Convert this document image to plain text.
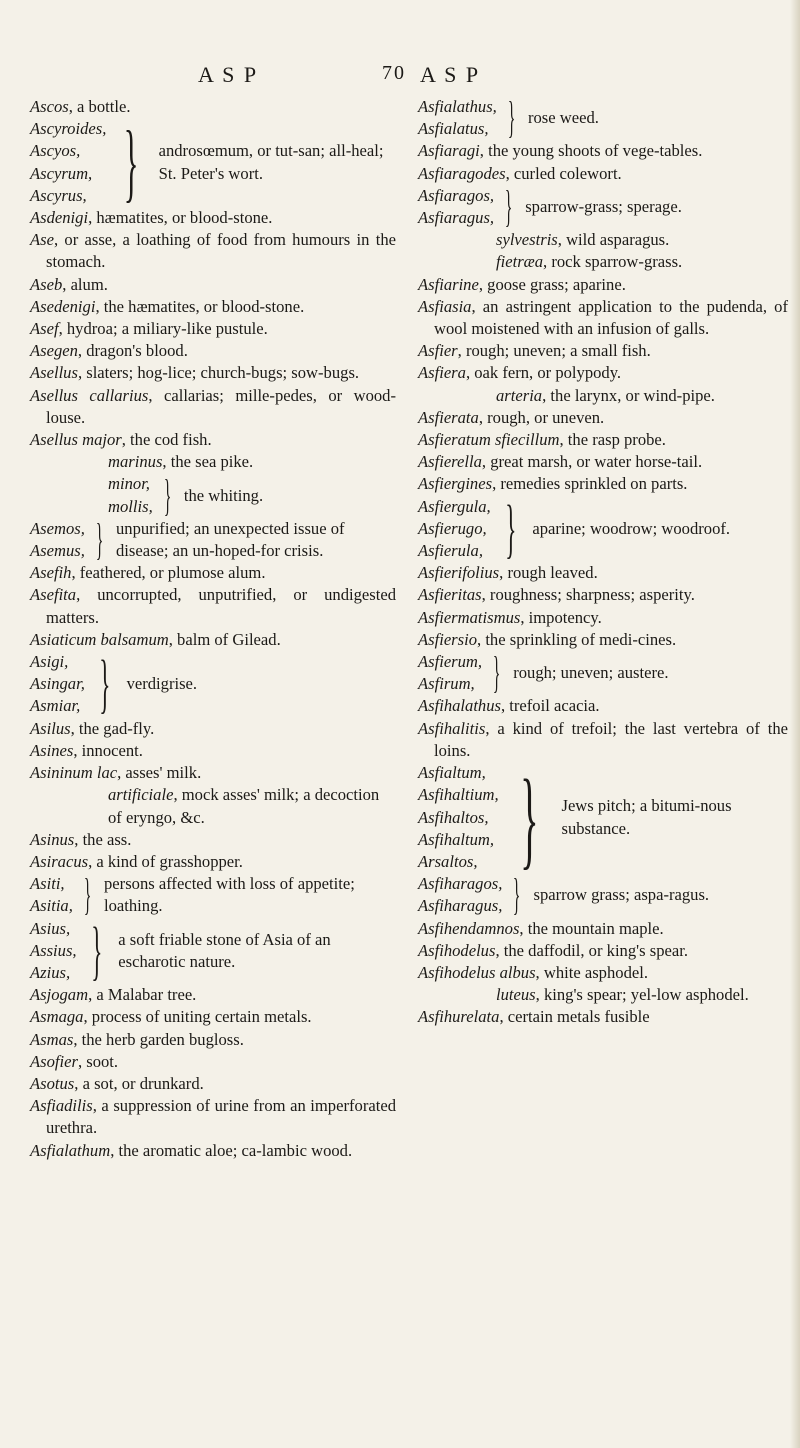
A S P	70 A S P
Ascos, a bottle.
Ascyroides,
Ascyos,
Ascyrum,
Ascyrus, } androsœmum, or tut-san; all-heal; St. Peter's wort.
Asdenigi, hæmatites, or blood-stone.
Ase, or asse, a loathing of food from humours in the stomach.
Aseb, alum.
Asedenigi, the hæmatites, or blood-stone.
Asef, hydroa; a miliary-like pustule.
Asegen, dragon's blood.
Asellus, slaters; hog-lice; church-bugs; sow-bugs.
Asellus callarius, callarias; mille-pedes, or wood-louse.
Asellus major, the cod fish.
marinus, the sea pike.
minor,
mollis, } the whiting.
Asemos,
Asemus, } unpurified; an unexpected issue of disease; an un-hoped-for crisis.
Asefih, feathered, or plumose alum.
Asefita, uncorrupted, unputrified, or undigested matters.
Asiaticum balsamum, balm of Gilead.
Asigi,
Asingar,
Asmiar, } verdigrise.
Asilus, the gad-fly.
Asines, innocent.
Asininum lac, asses' milk.
artificiale, mock asses' milk; a decoction of eryngo, &c.
Asinus, the ass.
Asiracus, a kind of grasshopper.
Asiti,
Asitia, } persons affected with loss of appetite; loathing.
Asius,
Assius,
Azius, } a soft friable stone of Asia of an escharotic nature.
Asjogam, a Malabar tree.
Asmaga, process of uniting certain metals.
Asmas, the herb garden bugloss.
Asofier, soot.
Asotus, a sot, or drunkard.
Asfiadilis, a suppression of urine from an imperforated urethra.
Asfialathum, the aromatic aloe; ca-lambic wood.
Asfialathus,
Asfialatus, } rose weed.
Asfiaragi, the young shoots of vege-tables.
Asfiaragodes, curled colewort.
Asfiaragos,
Asfiaragus, } sparrow-grass; sperage.
sylvestris, wild asparagus.
fietræa, rock sparrow-grass.
Asfiarine, goose grass; aparine.
Asfiasia, an astringent application to the pudenda, of wool moistened with an infusion of galls.
Asfier, rough; uneven; a small fish.
Asfiera, oak fern, or polypody.
arteria, the larynx, or wind-pipe.
Asfierata, rough, or uneven.
Asfieratum sfiecillum, the rasp probe.
Asfierella, great marsh, or water horse-tail.
Asfiergines, remedies sprinkled on parts.
Asfiergula,
Asfierugo,
Asfierula, } aparine; woodrow; woodroof.
Asfierifolius, rough leaved.
Asfieritas, roughness; sharpness; asperity.
Asfiermatismus, impotency.
Asfiersio, the sprinkling of medi-cines.
Asfierum,
Asfirum, } rough; uneven; austere.
Asfihalathus, trefoil acacia.
Asfihalitis, a kind of trefoil; the last vertebra of the loins.
Asfialtum,
Asfihaltium,
Asfihaltos,
Asfihaltum,
Arsaltos, } Jews pitch; a bitumi-nous substance.
Asfiharagos,
Asfiharagus, } sparrow grass; aspa-ragus.
Asfihendamnos, the mountain maple.
Asfihodelus, the daffodil, or king's spear.
Asfihodelus albus, white asphodel.
luteus, king's spear; yel-low asphodel.
Asfihurelata, certain metals fusible
